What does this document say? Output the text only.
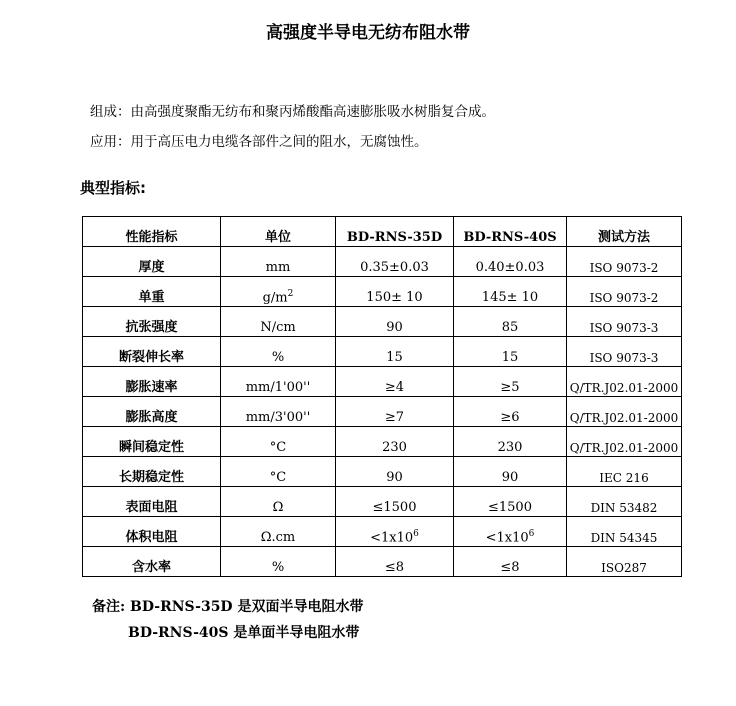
高强度半导电无纺布阻水带
组成：由高强度聚酯无纺布和聚丙烯酸酯高速膨胀吸水树脂复合成。
应用：用于高压电力电缆各部件之间的阻水，无腐蚀性。
典型指标:
性能指标	单位	BD-RNS-35D	BD-RNS-40S	测试方法
厚度	mm	0.35±0.03	0.40±0.03	ISO 9073-2
单重	$g/m^2$	150± 10	145± 10	ISO 9073-2
抗张强度	N/cm	90	85	ISO 9073-3
断裂伸长率	%	15	15	ISO 9073-3
膨胀速率	mm/1'00''	≥4	≥5	Q/TR.J02.01-2000
膨胀高度	mm/3'00''	≥7	≥6	Q/TR.J02.01-2000
瞬间稳定性	°C	230	230	Q/TR.J02.01-2000
长期稳定性	°C	90	90	IEC 216
表面电阻	Ω	≤1500	≤1500	DIN 53482
体积电阻	Ω.cm	$<1x10^6$	$<1x10^6$	DIN 54345
含水率	%	≤8	≤8	ISO287
备注: BD-RNS-35D 是双面半导电阻水带
BD-RNS-40S 是单面半导电阻水带
